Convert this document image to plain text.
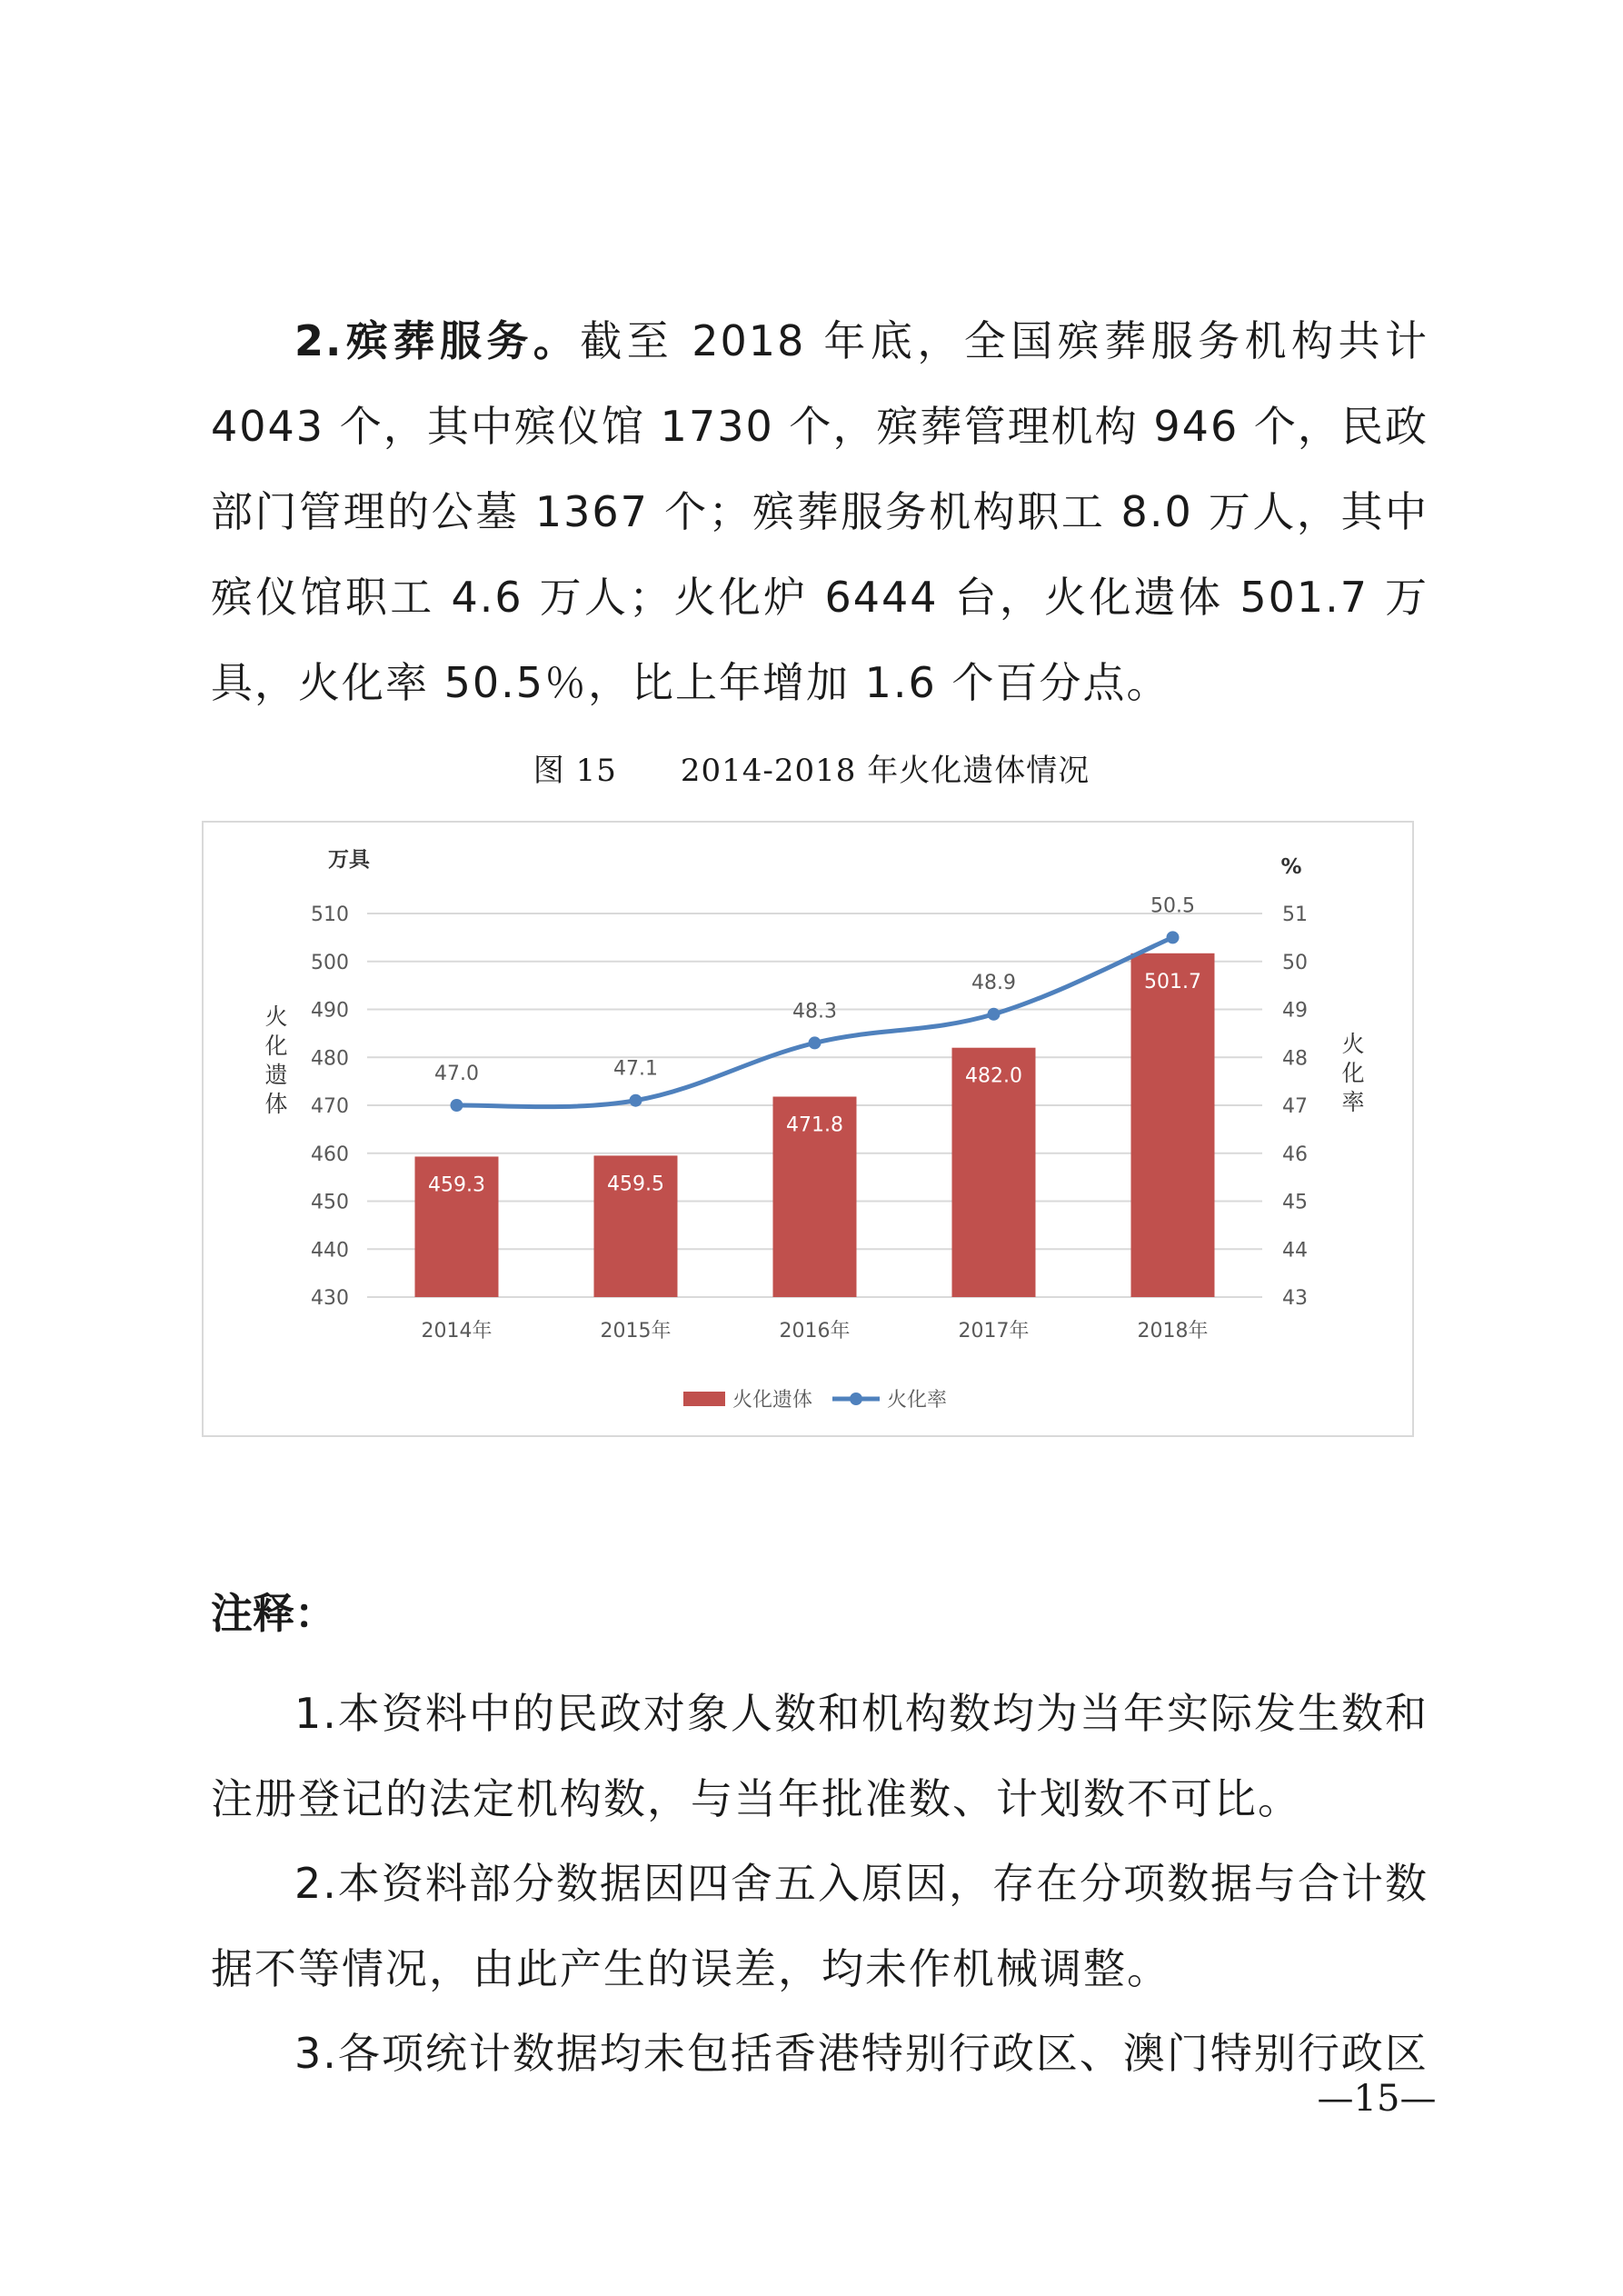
2.殡葬服务。截至 2018 年底，全国殡葬服务机构共计 4043 个，其中殡仪馆 1730 个，殡葬管理机构 946 个，民政部门管理的公墓 1367 个；殡葬服务机构职工 8.0 万人，其中殡仪馆职工 4.6 万人；火化炉 6444 台，火化遗体 501.7 万具，火化率 50.5％，比上年增加 1.6 个百分点。

图 15 2014-2018 年火化遗体情况
430
440
450
460
470
480
490
500
510
43
44
45
46
47
48
49
50
51
万具	%
火化遗体
火化率
459.3	459.5
471.8
482.0
501.7
47.0	47.1
48.3
48.9
50.5
2014年	2015年	2016年	2017年	2018年
火化遗体	火化率
注释：

1.本资料中的民政对象人数和机构数均为当年实际发生数和注册登记的法定机构数，与当年批准数、计划数不可比。

2.本资料部分数据因四舍五入原因，存在分项数据与合计数据不等情况，由此产生的误差，均未作机械调整。

3.各项统计数据均未包括香港特别行政区、澳门特别行政区

—15—
